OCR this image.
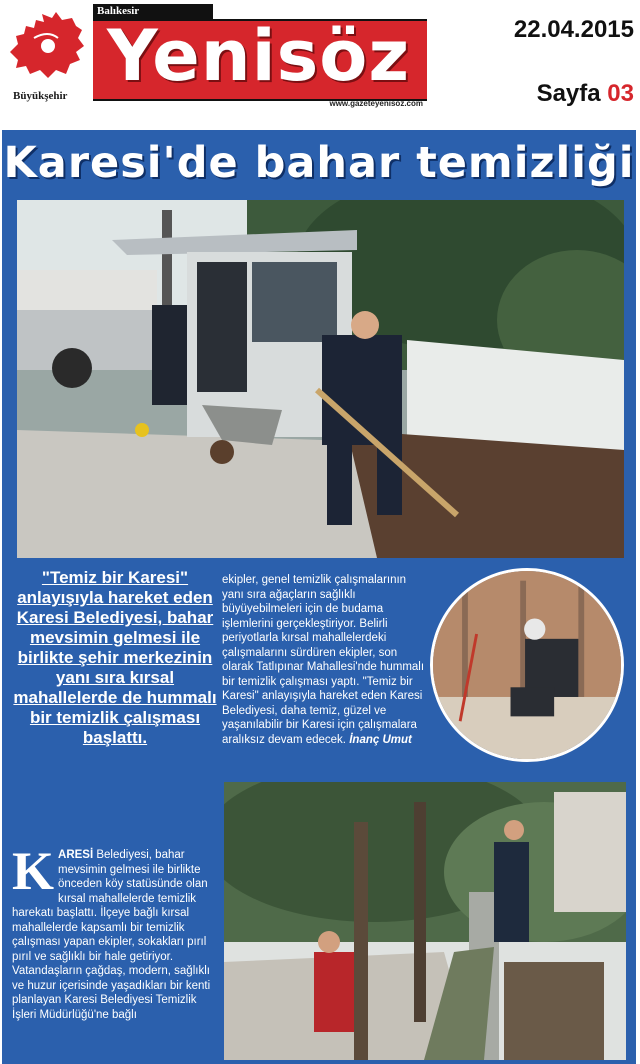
Büyükşehir
Balıkesir
Yenisöz
www.gazeteyenisoz.com
22.04.2015
Sayfa 03
Karesi'de bahar temizliği
"Temiz bir Karesi" anlayışıyla hareket eden Karesi Belediyesi, bahar mevsimin gelmesi ile birlikte şehir merkezinin yanı sıra kırsal mahallelerde de hummalı bir temizlik çalışması başlattı.
ekipler, genel temizlik çalışmalarının yanı sıra ağaçların sağlıklı büyüyebilmeleri için de budama işlemlerini gerçekleştiriyor. Belirli periyotlarla kırsal mahallelerdeki çalışmalarını sürdüren ekipler, son olarak Tatlıpınar Mahallesi'nde hummalı bir temizlik çalışması yaptı. "Temiz bir Karesi" anlayışıyla hareket eden Karesi Belediyesi, daha temiz, güzel ve yaşanılabilir bir Karesi için çalışmalara aralıksız devam edecek. İnanç Umut
KARESİ Belediyesi, bahar mevsimin gelmesi ile birlikte önceden köy statüsünde olan kırsal mahallelerde temizlik harekatı başlattı. İlçeye bağlı kırsal mahallelerde kapsamlı bir temizlik çalışması yapan ekipler, sokakları pırıl pırıl ve sağlıklı bir hale getiriyor. Vatandaşların çağdaş, modern, sağlıklı ve huzur içerisinde yaşadıkları bir kenti planlayan Karesi Belediyesi Temizlik İşleri Müdürlüğü'ne bağlı
